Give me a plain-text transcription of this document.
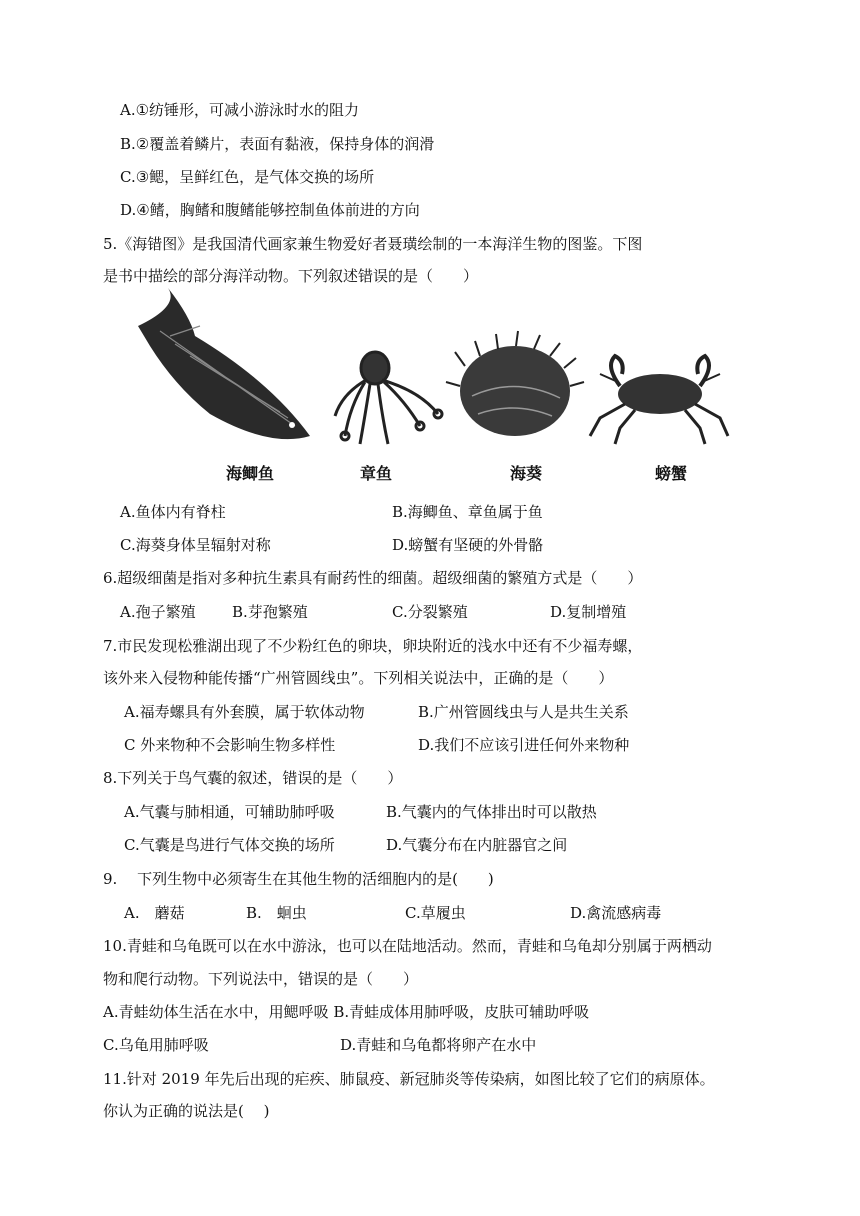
A.①纺锤形，可减小游泳时水的阻力
B.②覆盖着鳞片，表面有黏液，保持身体的润滑
C.③鳃，呈鲜红色，是气体交换的场所
D.④鳍，胸鳍和腹鳍能够控制鱼体前进的方向
5.《海错图》是我国清代画家兼生物爱好者聂璜绘制的一本海洋生物的图鉴。下图
是书中描绘的部分海洋动物。下列叙述错误的是（　　）
海鲫鱼	章鱼	海葵	螃蟹
A.鱼体内有脊柱	B.海鲫鱼、章鱼属于鱼
C.海葵身体呈辐射对称	D.螃蟹有坚硬的外骨骼
6.超级细菌是指对多种抗生素具有耐药性的细菌。超级细菌的繁殖方式是（　　）
A.孢子繁殖 B.芽孢繁殖	C.分裂繁殖	D.复制增殖
7.市民发现松雅湖出现了不少粉红色的卵块，卵块附近的浅水中还有不少福寿螺，
该外来入侵物种能传播“广州管圆线虫”。下列相关说法中，正确的是（　　）
A.福寿螺具有外套膜，属于软体动物	B.广州管圆线虫与人是共生关系
C 外来物种不会影响生物多样性	D.我们不应该引进任何外来物种
8.下列关于鸟气囊的叙述，错误的是（　　）
A.气囊与肺相通，可辅助肺呼吸	B.气囊内的气体排出时可以散热
C.气囊是鸟进行气体交换的场所	D.气囊分布在内脏器官之间
9.　 下列生物中必须寄生在其他生物的活细胞内的是(　　)
A.　蘑菇	B.　蛔虫	C.草履虫	D.禽流感病毒
10.青蛙和乌龟既可以在水中游泳，也可以在陆地活动。然而，青蛙和乌龟却分别属于两栖动
物和爬行动物。下列说法中，错误的是（　　）
A.青蛙幼体生活在水中，用鳃呼吸 B.青蛙成体用肺呼吸，皮肤可辅助呼吸
C.乌龟用肺呼吸	D.青蛙和乌龟都将卵产在水中
11.针对 2019 年先后出现的疟疾、肺鼠疫、新冠肺炎等传染病，如图比较了它们的病原体。
你认为正确的说法是(　 )
